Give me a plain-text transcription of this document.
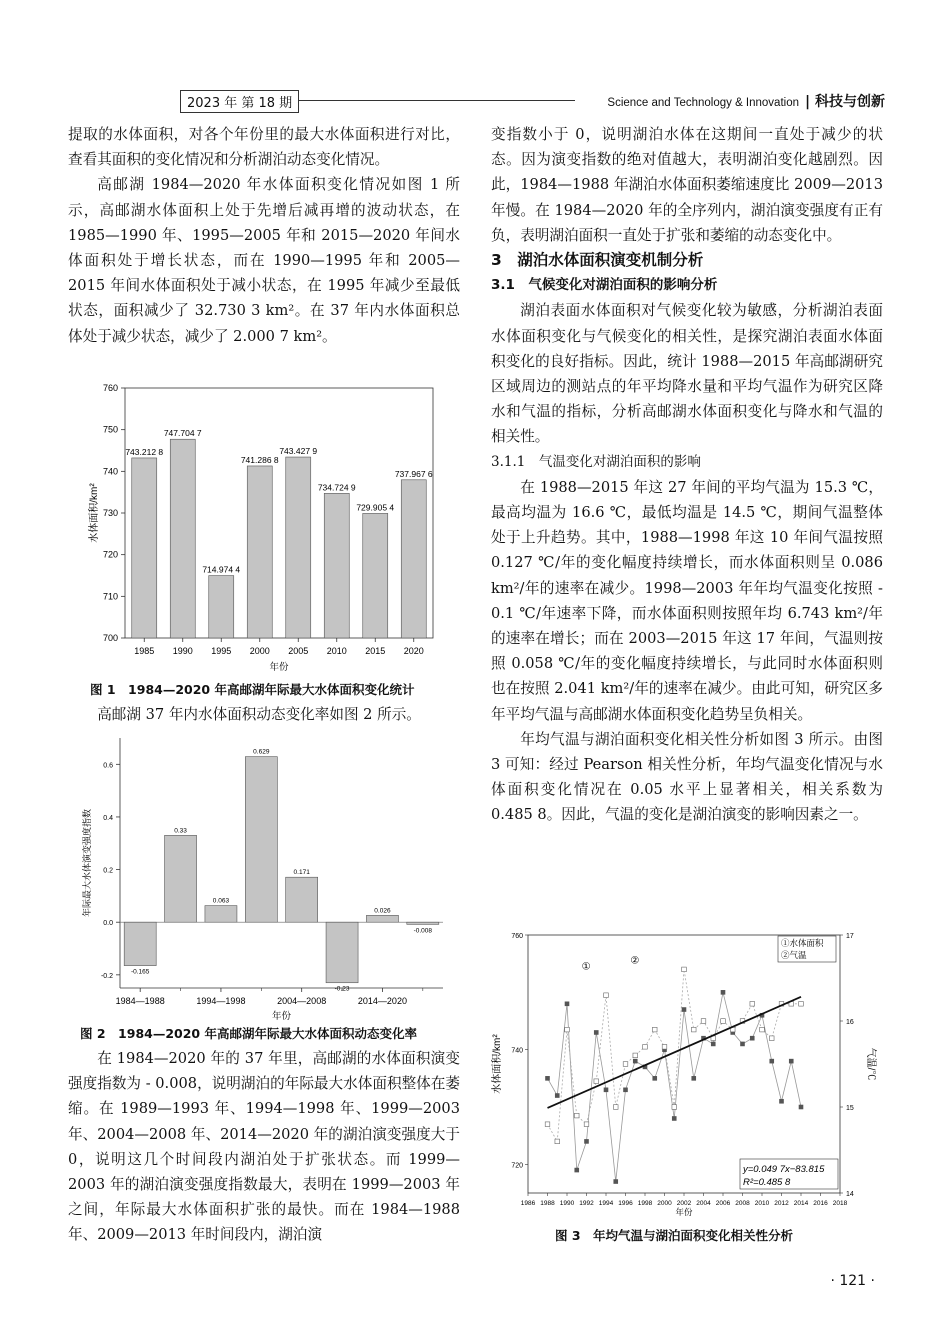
2023 年 第 18 期	Science and Technology & Innovation | 科技与创新

提取的水体面积，对各个年份里的最大水体面积进行对比，查看其面积的变化情况和分析湖泊动态变化情况。

高邮湖 1984—2020 年水体面积变化情况如图 1 所示，高邮湖水体面积上处于先增后减再增的波动状态，在 1985—1990 年、1995—2005 年和 2015—2020 年间水体面积处于增长状态，而在 1990—1995 年和 2005—2015 年间水体面积处于减小状态，在 1995 年减少至最低状态，面积减少了 32.730 3 km²。在 37 年内水体面积总体处于减少状态，减少了 2.000 7 km²。

700
710
720
730
740
750
760
743.212 8
1985
747.704 7
1990
714.974 4
1995
741.286 8
2000
743.427 9
2005
734.724 9
2010
729.905 4
2015
737.967 6
2020
年份
水体面积/km²
图 1　1984—2020 年高邮湖年际最大水体面积变化统计

高邮湖 37 年内水体面积动态变化率如图 2 所示。

-0.2
0.0
0.2
0.4
0.6
-0.165
0.33
0.063
0.629
0.171
-0.23
0.026
-0.008
1984—1988	1994—1998	2004—2008	2014—2020
年份
年际最大水体演变强度指数
图 2　1984—2020 年高邮湖年际最大水体面积动态变化率

在 1984—2020 年的 37 年里，高邮湖的水体面积演变强度指数为 - 0.008，说明湖泊的年际最大水体面积整体在萎缩。在 1989—1993 年、1994—1998 年、1999—2003 年、2004—2008 年、2014—2020 年的湖泊演变强度大于 0，说明这几个时间段内湖泊处于扩张状态。而 1999—2003 年的湖泊演变强度指数最大，表明在 1999—2003 年之间，年际最大水体面积扩张的最快。而在 1984—1988 年、2009—2013 年时间段内，湖泊演

变指数小于 0，说明湖泊水体在这期间一直处于减少的状态。因为演变指数的绝对值越大，表明湖泊变化越剧烈。因此，1984—1988 年湖泊水体面积萎缩速度比 2009—2013 年慢。在 1984—2020 年的全序列内，湖泊演变强度有正有负，表明湖泊面积一直处于扩张和萎缩的动态变化中。

3　湖泊水体面积演变机制分析

3.1　气候变化对湖泊面积的影响分析

湖泊表面水体面积对气候变化较为敏感，分析湖泊表面水体面积变化与气候变化的相关性，是探究湖泊表面水体面积变化的良好指标。因此，统计 1988—2015 年高邮湖研究区域周边的测站点的年平均降水量和平均气温作为研究区降水和气温的指标，分析高邮湖水体面积变化与降水和气温的相关性。

3.1.1　气温变化对湖泊面积的影响

在 1988—2015 年这 27 年间的平均气温为 15.3 ℃，最高均温为 16.6 ℃，最低均温是 14.5 ℃，期间气温整体处于上升趋势。其中，1988—1998 年这 10 年间气温按照 0.127 ℃/年的变化幅度持续增长，而水体面积则呈 0.086 km²/年的速率在减少。1998—2003 年年均气温变化按照 - 0.1 ℃/年速率下降，而水体面积则按照年均 6.743 km²/年的速率在增长；而在 2003—2015 年这 17 年间，气温则按照 0.058 ℃/年的变化幅度持续增长，与此同时水体面积则也在按照 2.041 km²/年的速率在减少。由此可知，研究区多年平均气温与高邮湖水体面积变化趋势呈负相关。

年均气温与湖泊面积变化相关性分析如图 3 所示。由图 3 可知：经过 Pearson 相关性分析，年均气温变化情况与水体面积变化情况在 0.05 水平上显著相关，相关系数为 0.485 8。因此，气温的变化是湖泊演变的影响因素之一。

1986 1988 1990 1992 1994 1996 1998 2000 2002 2004 2006 2008 2010 2012 2014 2016 2018
720
740
760
14
15
16
17
①
②
①水体面积
②气温
y=0.049 7x−83.815
R²=0.485 8
年份
水体面积/km²	气温/℃
图 3　年均气温与湖泊面积变化相关性分析
· 121 ·
